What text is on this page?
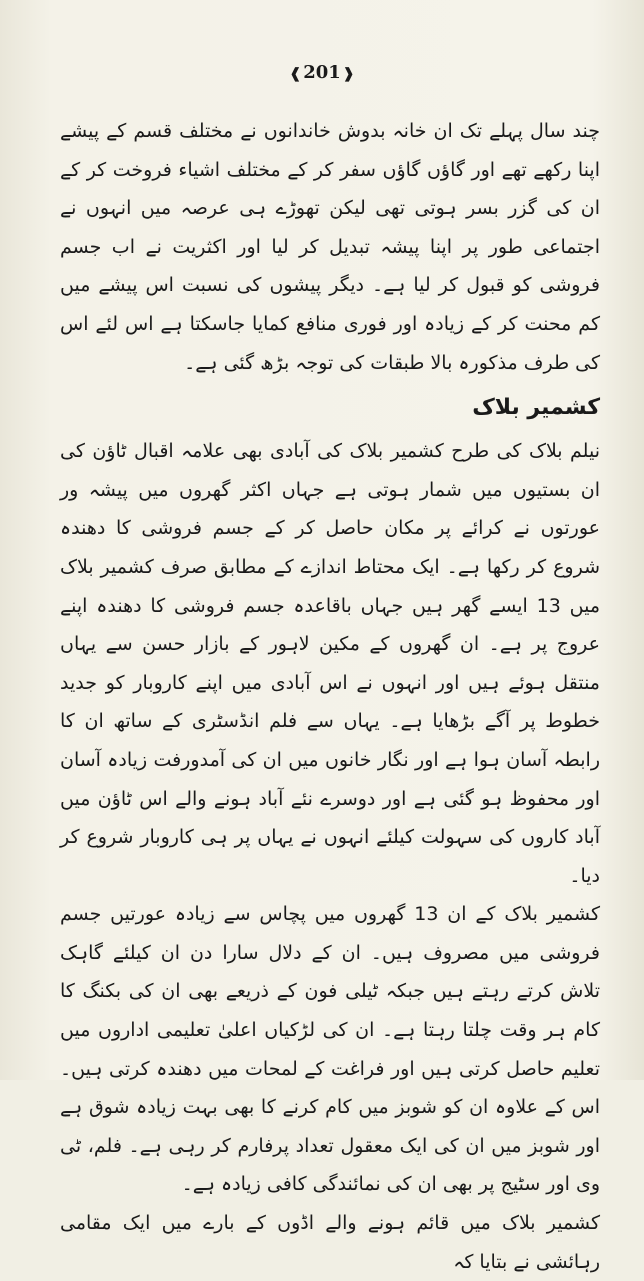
❰ 201 ❱

چند سال پہلے تک ان خانہ بدوش خاندانوں نے مختلف قسم کے پیشے اپنا رکھے تھے اور گاؤں گاؤں سفر کر کے مختلف اشیاء فروخت کر کے ان کی گزر بسر ہوتی تھی لیکن تھوڑے ہی عرصہ میں انہوں نے اجتماعی طور پر اپنا پیشہ تبدیل کر لیا اور اکثریت نے اب جسم فروشی کو قبول کر لیا ہے۔ دیگر پیشوں کی نسبت اس پیشے میں کم محنت کر کے زیادہ اور فوری منافع کمایا جاسکتا ہے اس لئے اس کی طرف مذکورہ بالا طبقات کی توجہ بڑھ گئی ہے۔

کشمیر بلاک

نیلم بلاک کی طرح کشمیر بلاک کی آبادی بھی علامہ اقبال ٹاؤن کی ان بستیوں میں شمار ہوتی ہے جہاں اکثر گھروں میں پیشہ ور عورتوں نے کرائے پر مکان حاصل کر کے جسم فروشی کا دھندہ شروع کر رکھا ہے۔ ایک محتاط اندازے کے مطابق صرف کشمیر بلاک میں 13 ایسے گھر ہیں جہاں باقاعدہ جسم فروشی کا دھندہ اپنے عروج پر ہے۔ ان گھروں کے مکین لاہور کے بازار حسن سے یہاں منتقل ہوئے ہیں اور انہوں نے اس آبادی میں اپنے کاروبار کو جدید خطوط پر آگے بڑھایا ہے۔ یہاں سے فلم انڈسٹری کے ساتھ ان کا رابطہ آسان ہوا ہے اور نگار خانوں میں ان کی آمدورفت زیادہ آسان اور محفوظ ہو گئی ہے اور دوسرے نئے آباد ہونے والے اس ٹاؤن میں آباد کاروں کی سہولت کیلئے انہوں نے یہاں پر ہی کاروبار شروع کر دیا۔

کشمیر بلاک کے ان 13 گھروں میں پچاس سے زیادہ عورتیں جسم فروشی میں مصروف ہیں۔ ان کے دلال سارا دن ان کیلئے گاہک تلاش کرتے رہتے ہیں جبکہ ٹیلی فون کے ذریعے بھی ان کی بکنگ کا کام ہر وقت چلتا رہتا ہے۔ ان کی لڑکیاں اعلیٰ تعلیمی اداروں میں تعلیم حاصل کرتی ہیں اور فراغت کے لمحات میں دھندہ کرتی ہیں۔ اس کے علاوہ ان کو شوبز میں کام کرنے کا بھی بہت زیادہ شوق ہے اور شوبز میں ان کی ایک معقول تعداد پرفارم کر رہی ہے۔ فلم، ٹی وی اور سٹیج پر بھی ان کی نمائندگی کافی زیادہ ہے۔

کشمیر بلاک میں قائم ہونے والے اڈوں کے بارے میں ایک مقامی رہائشی نے بتایا کہ
